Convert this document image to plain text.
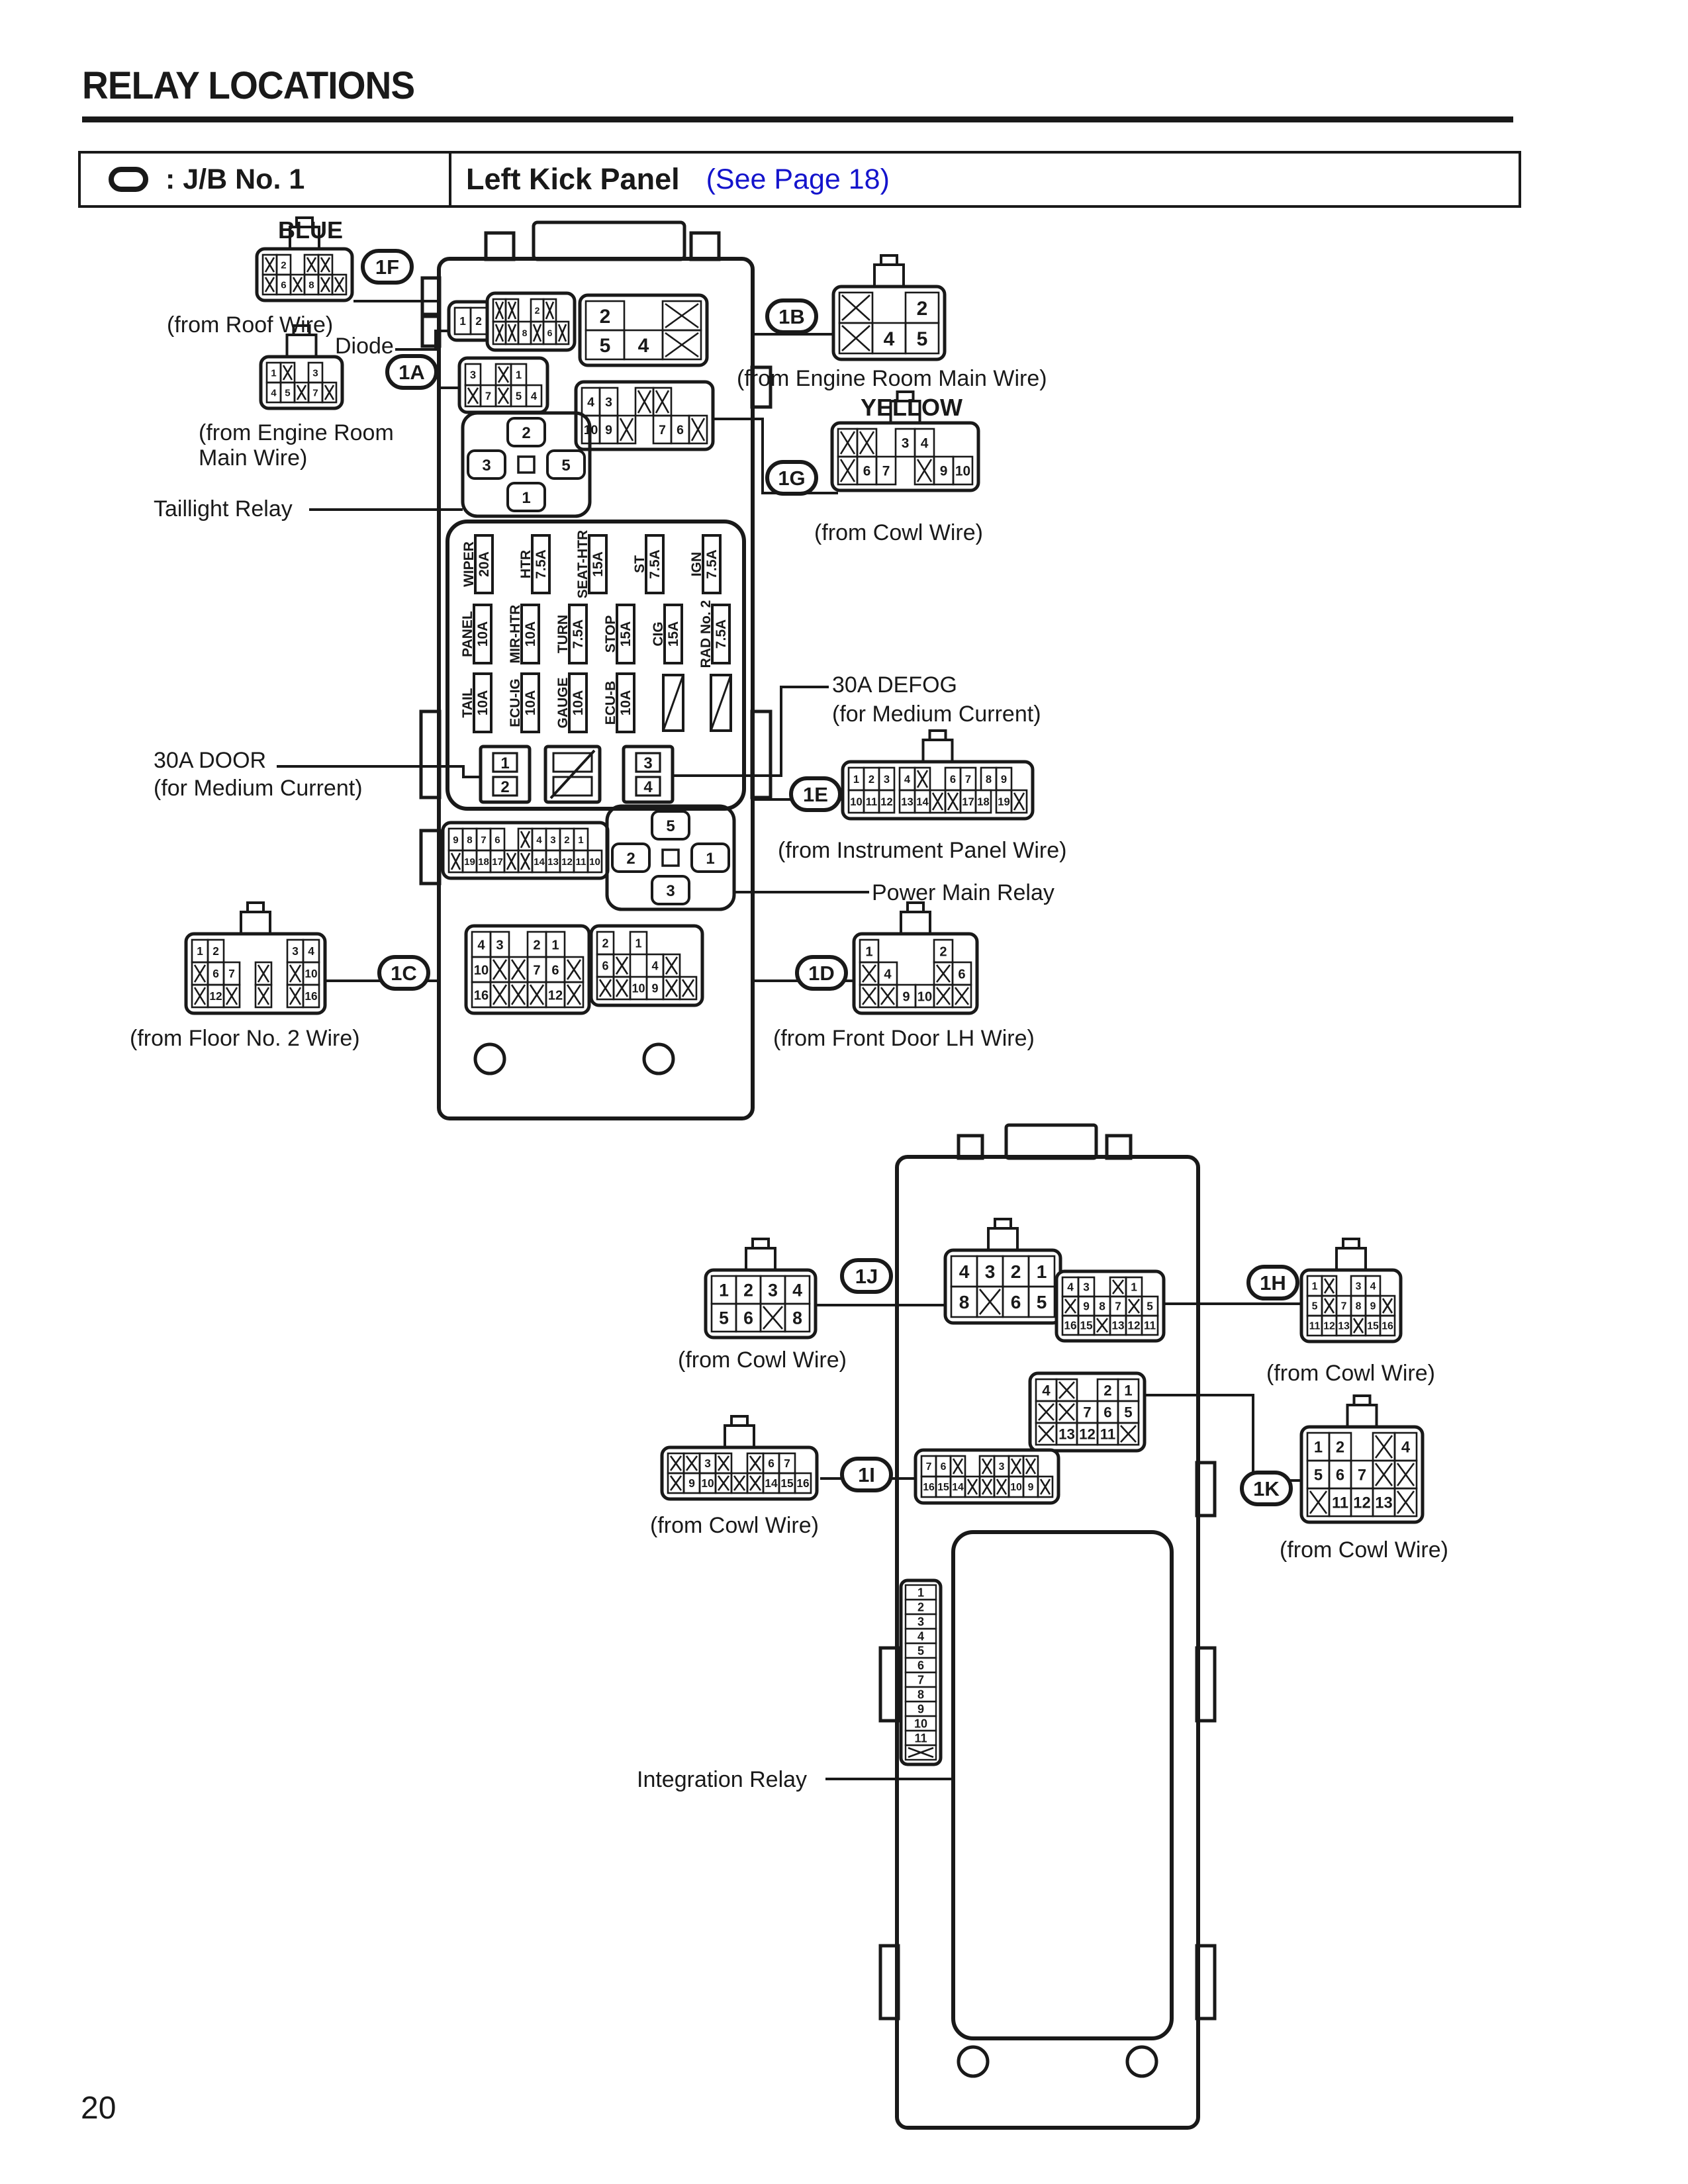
RELAY LOCATIONS
: J/B No. 1	Left Kick Panel (See Page 18)
2
6 8
1	3
4 5 7
2
4 5
3 4
6 7	9 10
1 2 3 4	6 7 8 9
10 11 12 13 14	17 18 19
1 2	3 4
6 7	10
12	16
1	2
4	6
9 10
1 2
2
8 6
2
5 4
3	1
7 5 4	4 3
10 9	7 6
9 8 7 6	4 3 2 1
19 18 17	14 13 12 11 10
4 3 2 1
10	7 6
16	12
2 1
6	4
10 9
1 2 3 4
5 6 8
4 3 2 1
8 6 5
4 3	1
9 8 7 5
16 15 13 12 11
1	3 4
5 7 8 9
11 12 13 15 16
4	2 1
7 6 5
13 12 11
3	6 7
9 10	14 15 16
7 6	3
16 15 14	10 9
1 2	4
5 6 7
11 12 13
2
1
3	5
5
3
2	1
WIPER 20A HTR 7.5A SEAT-HTR 15A ST 7.5A IGN 7.5A
PANEL 10A MIR-HTR 10A TURN 7.5A STOP 15A CIG 15A RAD No. 2 7.5A
TAIL 10A ECU-IG 10A GAUGE 10A ECU-B 10A
1
2
3
4
1
2
3
4
5
6
7
8
9
10
11
1F
1A
1B
1G
1E
1C	1D
1J	1H
1I
1K
BLUE
(from Roof Wire)
Diode
(from Engine Room
Main Wire)
Taillight Relay
30A DOOR
(for Medium Current)
(from Engine Room Main Wire)
YELLOW
(from Cowl Wire)
30A DEFOG
(for Medium Current)
(from Instrument Panel Wire)
Power Main Relay
(from Floor No. 2 Wire)	(from Front Door LH Wire)
(from Cowl Wire)
(from Cowl Wire)
(from Cowl Wire)
(from Cowl Wire)
Integration Relay
20
